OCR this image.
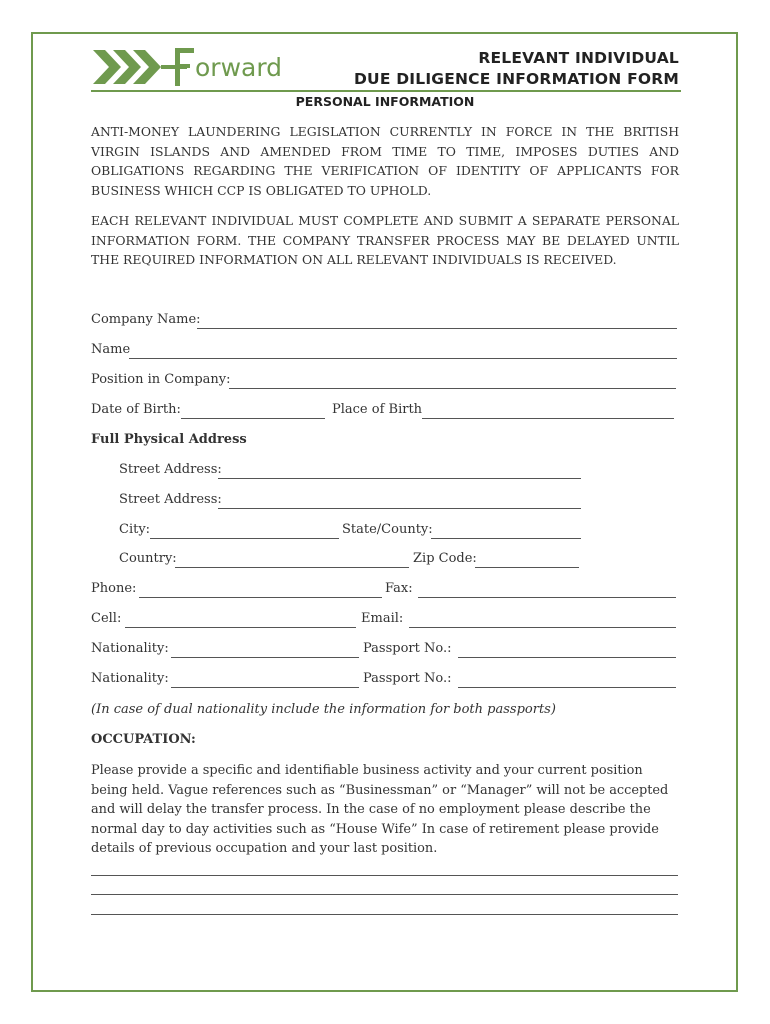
orward	RELEVANT INDIVIDUAL
DUE DILIGENCE INFORMATION FORM
PERSONAL INFORMATION
ANTI-MONEY LAUNDERING LEGISLATION CURRENTLY IN FORCE IN THE BRITISH VIRGIN ISLANDS AND AMENDED FROM TIME TO TIME, IMPOSES DUTIES AND OBLIGATIONS REGARDING THE VERIFICATION OF IDENTITY OF APPLICANTS FOR BUSINESS WHICH CCP IS OBLIGATED TO UPHOLD.
EACH RELEVANT INDIVIDUAL MUST COMPLETE AND SUBMIT A SEPARATE PERSONAL INFORMATION FORM. THE COMPANY TRANSFER PROCESS MAY BE DELAYED UNTIL THE REQUIRED INFORMATION ON ALL RELEVANT INDIVIDUALS IS RECEIVED.
Company Name:
Name
Position in Company:
Date of Birth:	Place of Birth
Full Physical Address
Street Address:
Street Address:
City:	State/County:
Country:	Zip Code:
Phone:	Fax:
Cell:	Email:
Nationality:	Passport No.:
Nationality:	Passport No.:
(In case of dual nationality include the information for both passports)
OCCUPATION:
Please provide a specific and identifiable business activity and your current position being held. Vague references such as “Businessman” or “Manager” will not be accepted and will delay the transfer process. In the case of no employment please describe the normal day to day activities such as “House Wife” In case of retirement please provide details of previous occupation and your last position.
